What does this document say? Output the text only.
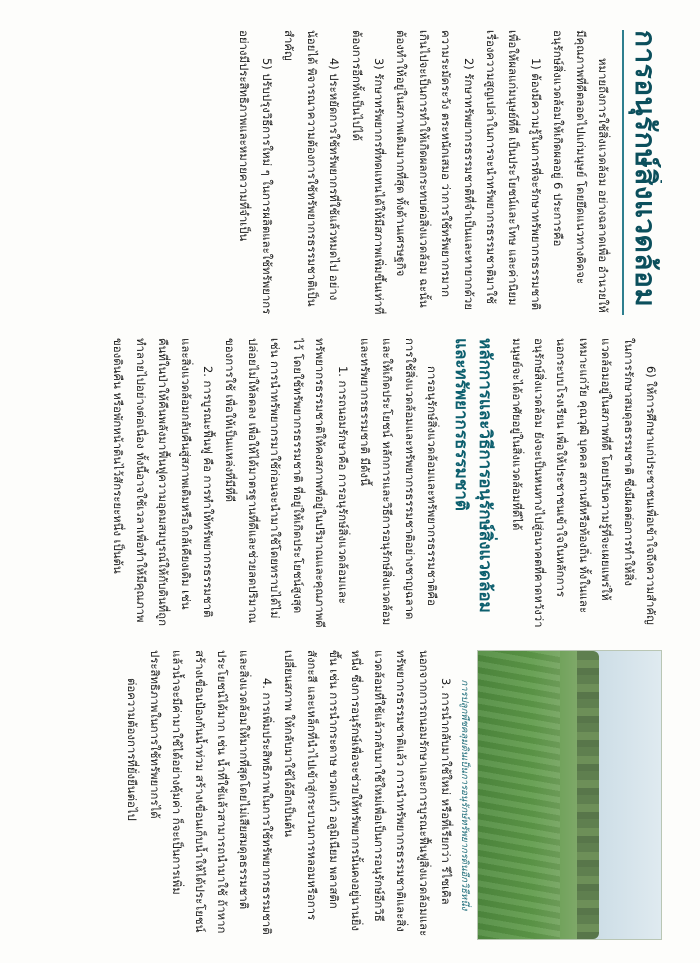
การอนุรักษ์สิ่งแวดล้อม

หมายถึงการใช้สิ่งแวดล้อม อย่างฉลาดเพื่อ อำนวยให้มีคุณภาพที่ดีตลอดไปแก่มนุษย์ โดยยึดแนวทางคิดจะอนุรักษ์สิ่งแวดล้อมให้เกิดผลอยู่ 6 ประการคือ

1) ต้องมีความรู้ในการที่จะรักษาทรัพยากรธรรมชาติเพื่อให้ผลแก่มนุษย์ที่ดี เป็นประโยชน์และโทษ และค่านิยมเรื่องความสูญเปล่าในการจะนำทรัพยากรธรรมชาติมาใช้

2) รักษาทรัพยากรธรรมชาติที่จำเป็นและหายากด้วยความระมัดระวัง ตระหนักเสมอ ว่าการใช้ทรัพยากรมากเกินไปจะเป็นการทำให้เกิดผลกระทบต่อสิ่งแวดล้อม ฉะนั้นต้องทำให้อยู่ในสภาพเดิมมากที่สุด ทั้งด้านเศรษฐกิจ

3) รักษาทรัพยากรที่ทดแทนได้ให้มีสภาพเพิ่มขึ้นเท่าที่ต้องการอีกทั้งเป็นไปได้

4) ประหยัดการใช้ทรัพยากรที่ใช้แล้วหมดไป อย่าง น้อยได้ พิจารณาความต้องการใช้ทรัพยากรธรรมชาติเป็นสำคัญ

5) ปรับปรุงวิธีการใหม่ ๆ ในการผลิตและใช้ทรัพยากรอย่างมีประสิทธิภาพและหมายความที่จำเป็น

6) ให้การศึกษาแก่ประชาชนเพื่อเข้าใจถึงความสำคัญในการรักษาสมดุลธรรมชาติ ซึ่งมีผลต่อการทำให้สิ่งแวดล้อมอยู่ในสภาพที่ดี โดยปรับความรู้ที่จะเผยแพร่ให้เหมาะแก่วัย คุณวุฒิ บุคคล สถานที่หรือท้องถิ่น ทั้งในและนอกระบบโรงเรียน เพื่อให้ประชาชนเข้าใจในหลักการอนุรักษ์สิ่งแวดล้อม ยังจะเป็นหนทางไปสู่อนาคตที่คาดหวังว่ามนุษย์จะได้อาศัยอยู่ในสิ่งแวดล้อมที่ดีได้

หลักการและวิธีการอนุรักษ์สิ่งแวดล้อมและทรัพยากรธรรมชาติ

การอนุรักษ์สิ่งแวดล้อมและทรัพยากรธรรมชาติคือ การใช้สิ่งแวดล้อมและทรัพยากรธรรมชาติอย่างชาญฉลาดและให้เกิดประโยชน์ หลักการและวิธีการอนุรักษ์สิ่งแวดล้อมและทรัพยากรธรรมชาติ มีดังนี้

1. การถนอมรักษาคือ การอนุรักษ์สิ่งแวดล้อมและทรัพยากรธรรมชาติให้คงสภาพที่อยู่ในปริมาณและคุณภาพดีไว้ โดยใช้ทรัพยากรธรรมชาติ ที่อยู่ให้เกิดประโยชน์สูงสุด เช่น การนำทรัพยากรมาใช้ก่อนจะนำมาใช้โดยทราบได้ไม่ปล่อยไม่ให้ลดลง เพื่อให้ได้มาตรฐานที่ดีและช่วยลดปริมาณของการใช้ เพื่อให้เป็นแหล่งที่มีที่ดี

2. การบูรณะฟื้นฟู คือ การทำให้ทรัพยากรธรรมชาติและสิ่งแวดล้อมกลับคืนสู่สภาพเดิมหรือใกล้เคียงเดิม เช่น คืนที่ในป่าให้คืนพลังมาฟื้นฟูความอุดมสมบูรณ์ให้กับดินที่ถูกทำลายไปอย่างต่อเนื่อง ทั้งนี้อาจใช้เวลาเพื่อทำให้มีคุณภาพของดินคืน หรือพักหน้าดินไว้สักระยะหนึ่ง เป็นต้น

การปลูกพืชคลุมดินเป็นการอนุรักษ์ทรัพยากรดินอีกวิธีหนึ่ง

3. การนำกลับมาใช้ใหม่ หรือที่เรียกว่า รีไซเคิล นอกจากการถนอมรักษาและการบูรณะฟื้นฟูสิ่งแวดล้อมและทรัพยากรธรรมชาติแล้ว การนำทรัพยากรธรรมชาติและสิ่งแวดล้อมที่ใช้แล้วกลับมาใช้ใหม่เพื่อเป็นการอนุรักษ์อีกวิธีหนึ่ง ซึ่งการอนุรักษ์เพื่อจะช่วยให้ทรัพยากรนั้นคงอยู่นานยิ่งขึ้น เช่น การนำกระดาษ ขวดแก้ว อลูมิเนียม พลาสติก สังกะสี และเหล็กที่นำไปเข้าสู่กระบวนการหลอมหรือการเปลี่ยนสภาพ ให้กลับมาใช้ได้อีกเป็นต้น

4. การเพิ่มประสิทธิภาพในการใช้ทรัพยากรธรรมชาติและสิ่งแวดล้อมให้มากที่สุดโดยไม่เสียสมดุลธรรมชาติประโยชน์ได้มาก เช่น น้ำที่ใช้แล้วสามารถนำมาใช้ ถ้าหากสร้างเขื่อนป้องกันน้ำท่วม สร้างเขื่อนเก็บน้ำให้ได้ประโยชน์แล้วน้ำจะมีค่ามาใช้ได้อย่างคุ้มค่า ก็จะเป็นการเพิ่มประสิทธิภาพในการใช้ทรัพยากรได้

ต่อความต้องการที่ยั่งยืนต่อไป
